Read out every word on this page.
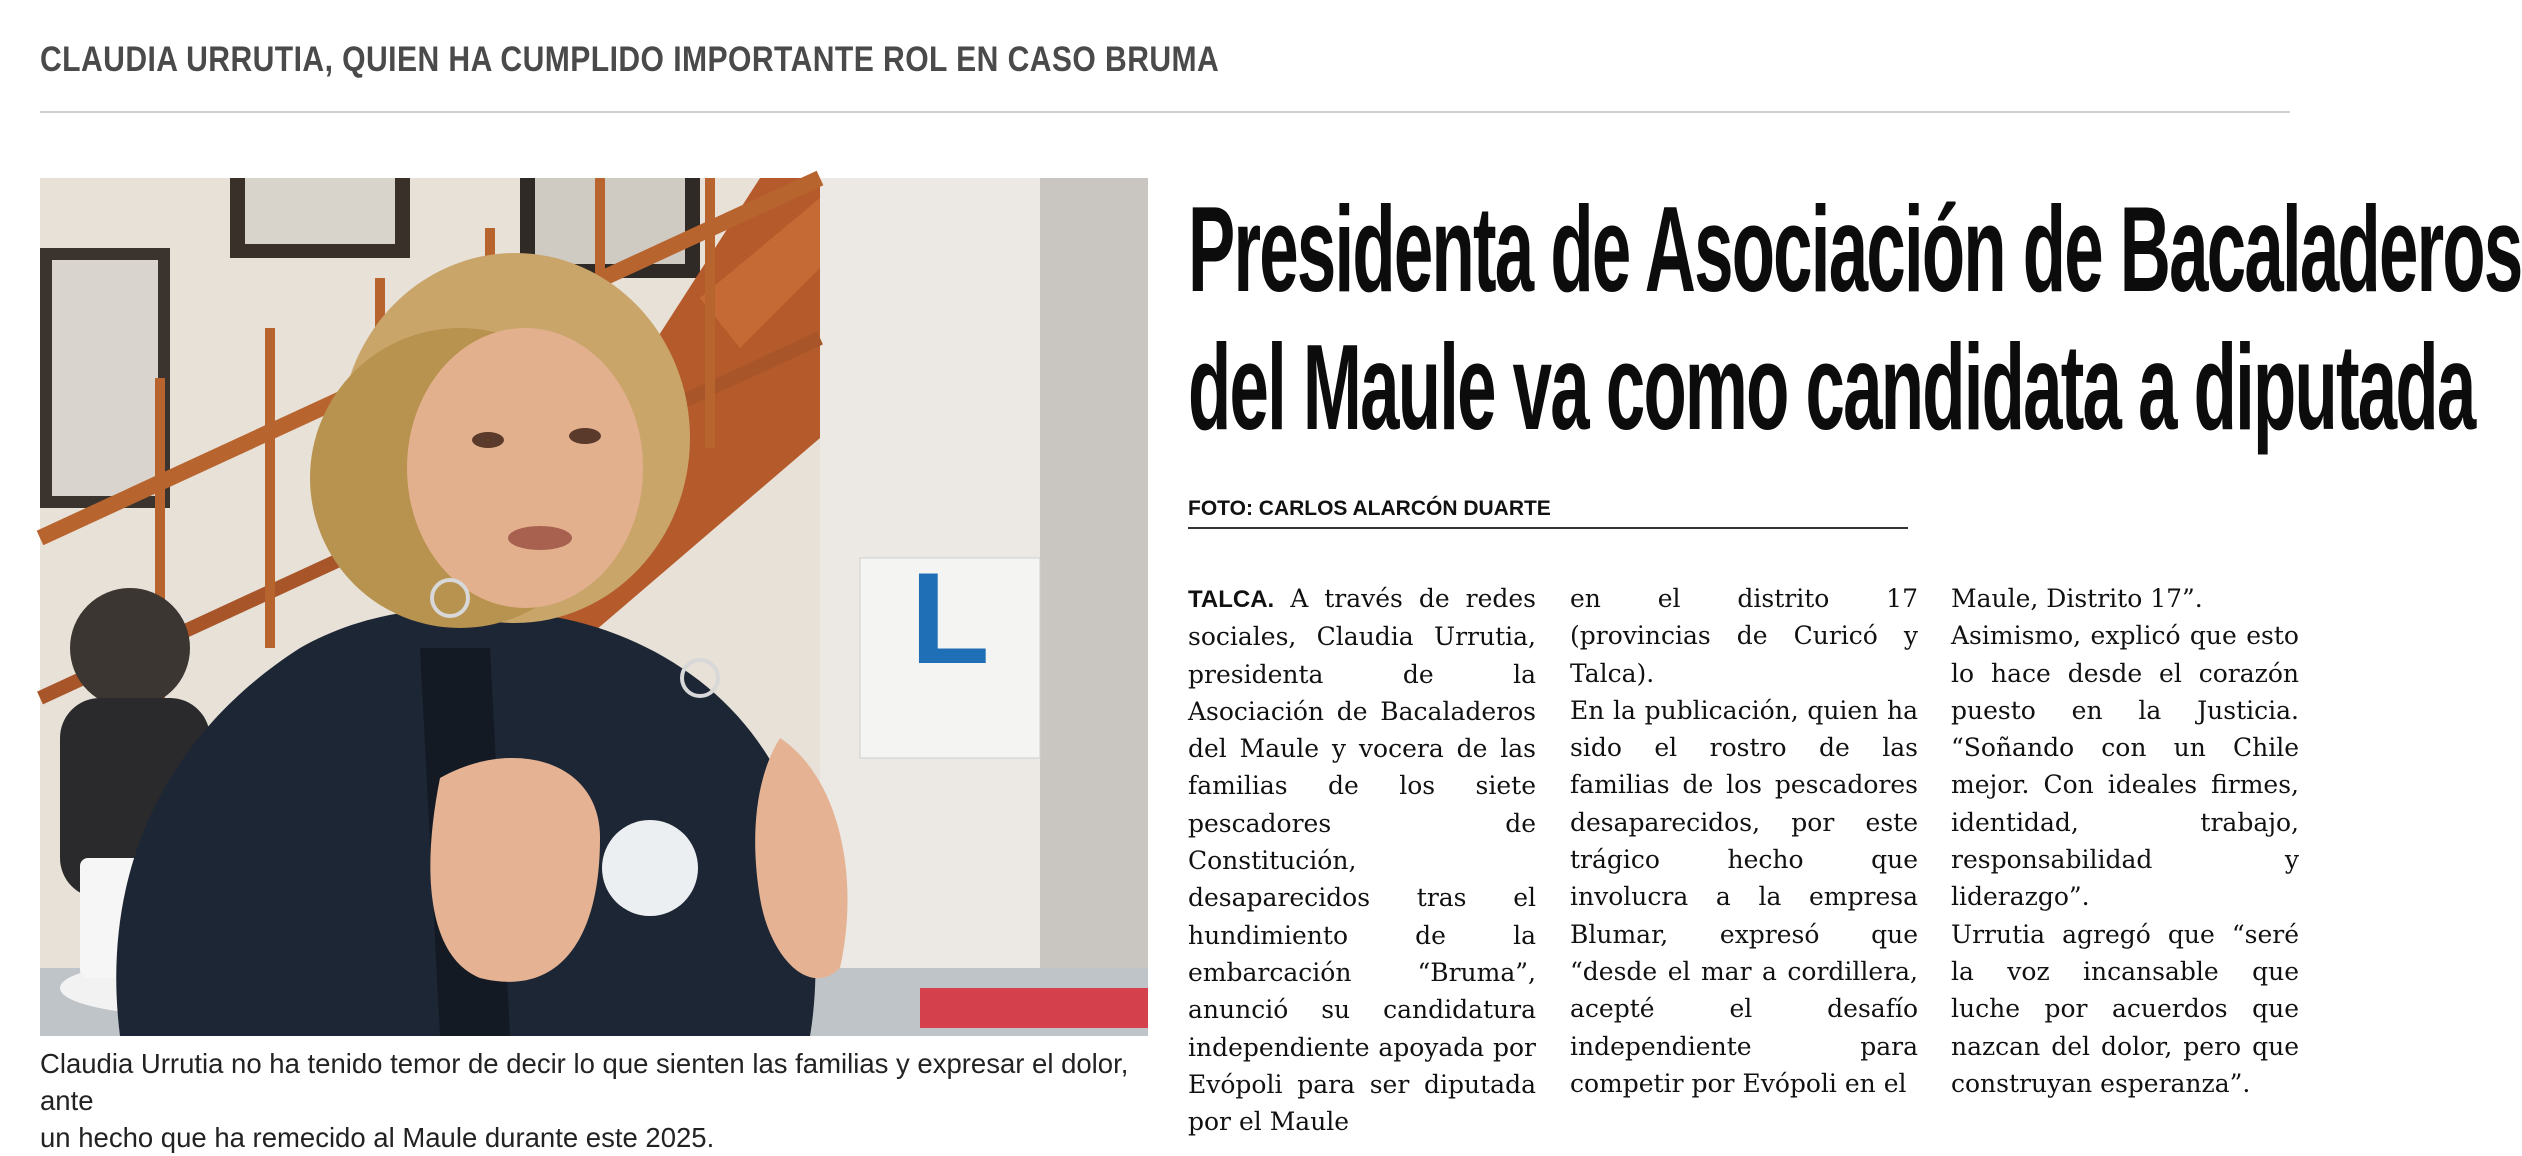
CLAUDIA URRUTIA, QUIEN HA CUMPLIDO IMPORTANTE ROL EN CASO BRUMA
L
Claudia Urrutia no ha tenido temor de decir lo que sienten las familias y expresar el dolor, ante
un hecho que ha remecido al Maule durante este 2025.
Presidenta de Asociación de Bacaladeros
del Maule va como candidata a diputada
FOTO: CARLOS ALARCÓN DUARTE

TALCA. A través de redes sociales, Claudia Urrutia, presidenta de la Asociación de Bacaladeros del Maule y vocera de las familias de los siete pescadores de Constitución, desaparecidos tras el hundimiento de la embarcación “Bruma”, anunció su candidatura independiente apoyada por Evópoli para ser diputada por el Maule

en el distrito 17 (provincias de Curicó y Talca).

En la publicación, quien ha sido el rostro de las familias de los pescadores desaparecidos, por este trágico hecho que involucra a la empresa Blumar, expresó que “desde el mar a cordillera, acepté el desafío independiente para competir por Evópoli en el

Maule, Distrito 17”.

Asimismo, explicó que esto lo hace desde el corazón puesto en la Justicia. “Soñando con un Chile mejor. Con ideales firmes, identidad, trabajo, responsabilidad y liderazgo”.

Urrutia agregó que “seré la voz incansable que luche por acuerdos que nazcan del dolor, pero que construyan esperanza”.
